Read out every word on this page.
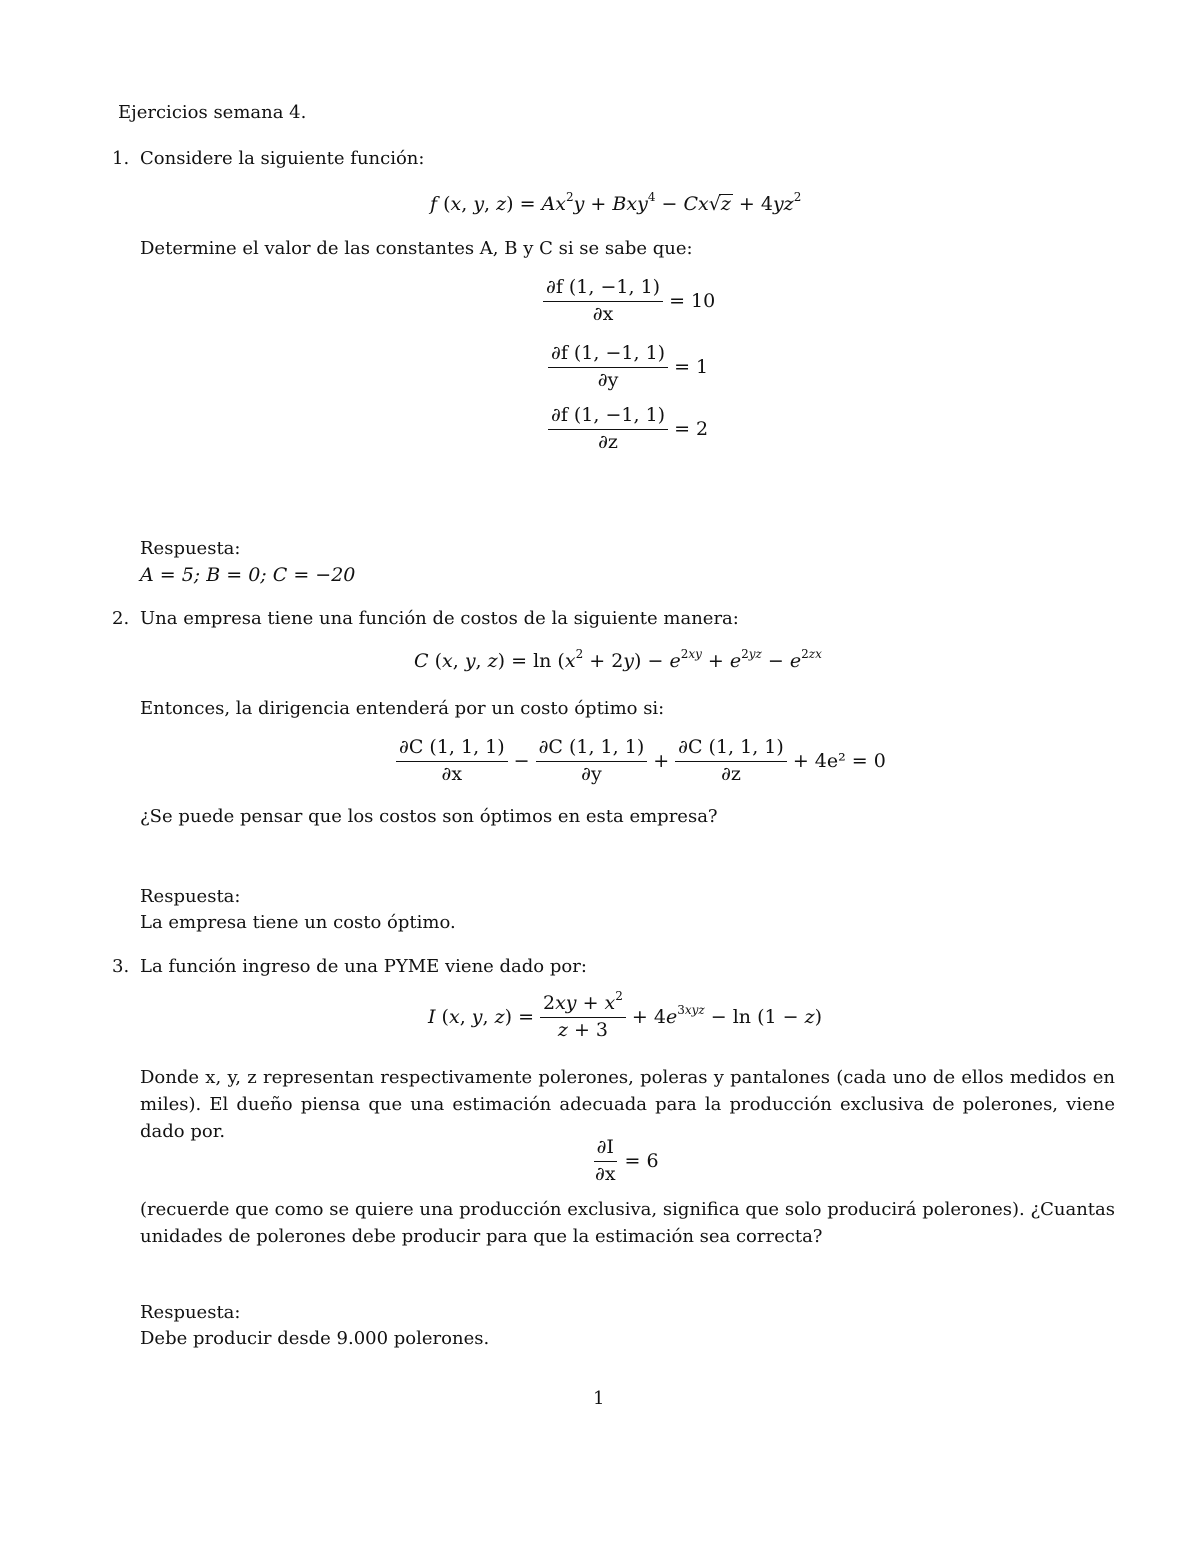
Ejercicios semana 4.
1. Considere la siguiente función:
f (x, y, $z) = Ax^2y + Bxy^4 - Cx√z + 4yz^2$
Determine el valor de las constantes A, B y C si se sabe que:
$\frac{\partial f (1, -1, 1)}{\partial x} = 10$
$\frac{\partial f (1, -1, 1)}{\partial y} = 1$
$\frac{\partial f (1, -1, 1)}{\partial z} = 2$
Respuesta:
A = 5; B = 0; C = −20
2. Una empresa tiene una función de costos de la siguiente manera:
C (x, y, $z) = \ln (x^2 + 2y) - e^{2xy} + e^{2yz} - e^{2zx}$
Entonces, la dirigencia entenderá por un costo óptimo si:
$\frac{\partial C (1, 1, 1)}{\partial x} - \frac{\partial C (1, 1, 1)}{\partial y} + \frac{\partial C (1, 1, 1)}{\partial z} + 4e^2 = 0$
¿Se puede pensar que los costos son óptimos en esta empresa?
Respuesta:
La empresa tiene un costo óptimo.
3. La función ingreso de una PYME viene dado por:
I (x, y, $z) = \frac{2xy + x^2}{z + 3} + 4e^{3xyz} - \ln (1 - z)$
Donde x, y, z representan respectivamente polerones, poleras y pantalones (cada uno de ellos medidos en miles). El dueño piensa que una estimación adecuada para la producción exclusiva de polerones, viene dado por.
$\frac{\partial I}{\partial x} = 6$
(recuerde que como se quiere una producción exclusiva, significa que solo producirá polerones). ¿Cuantas unidades de polerones debe producir para que la estimación sea correcta?
Respuesta:
Debe producir desde 9.000 polerones.
1
